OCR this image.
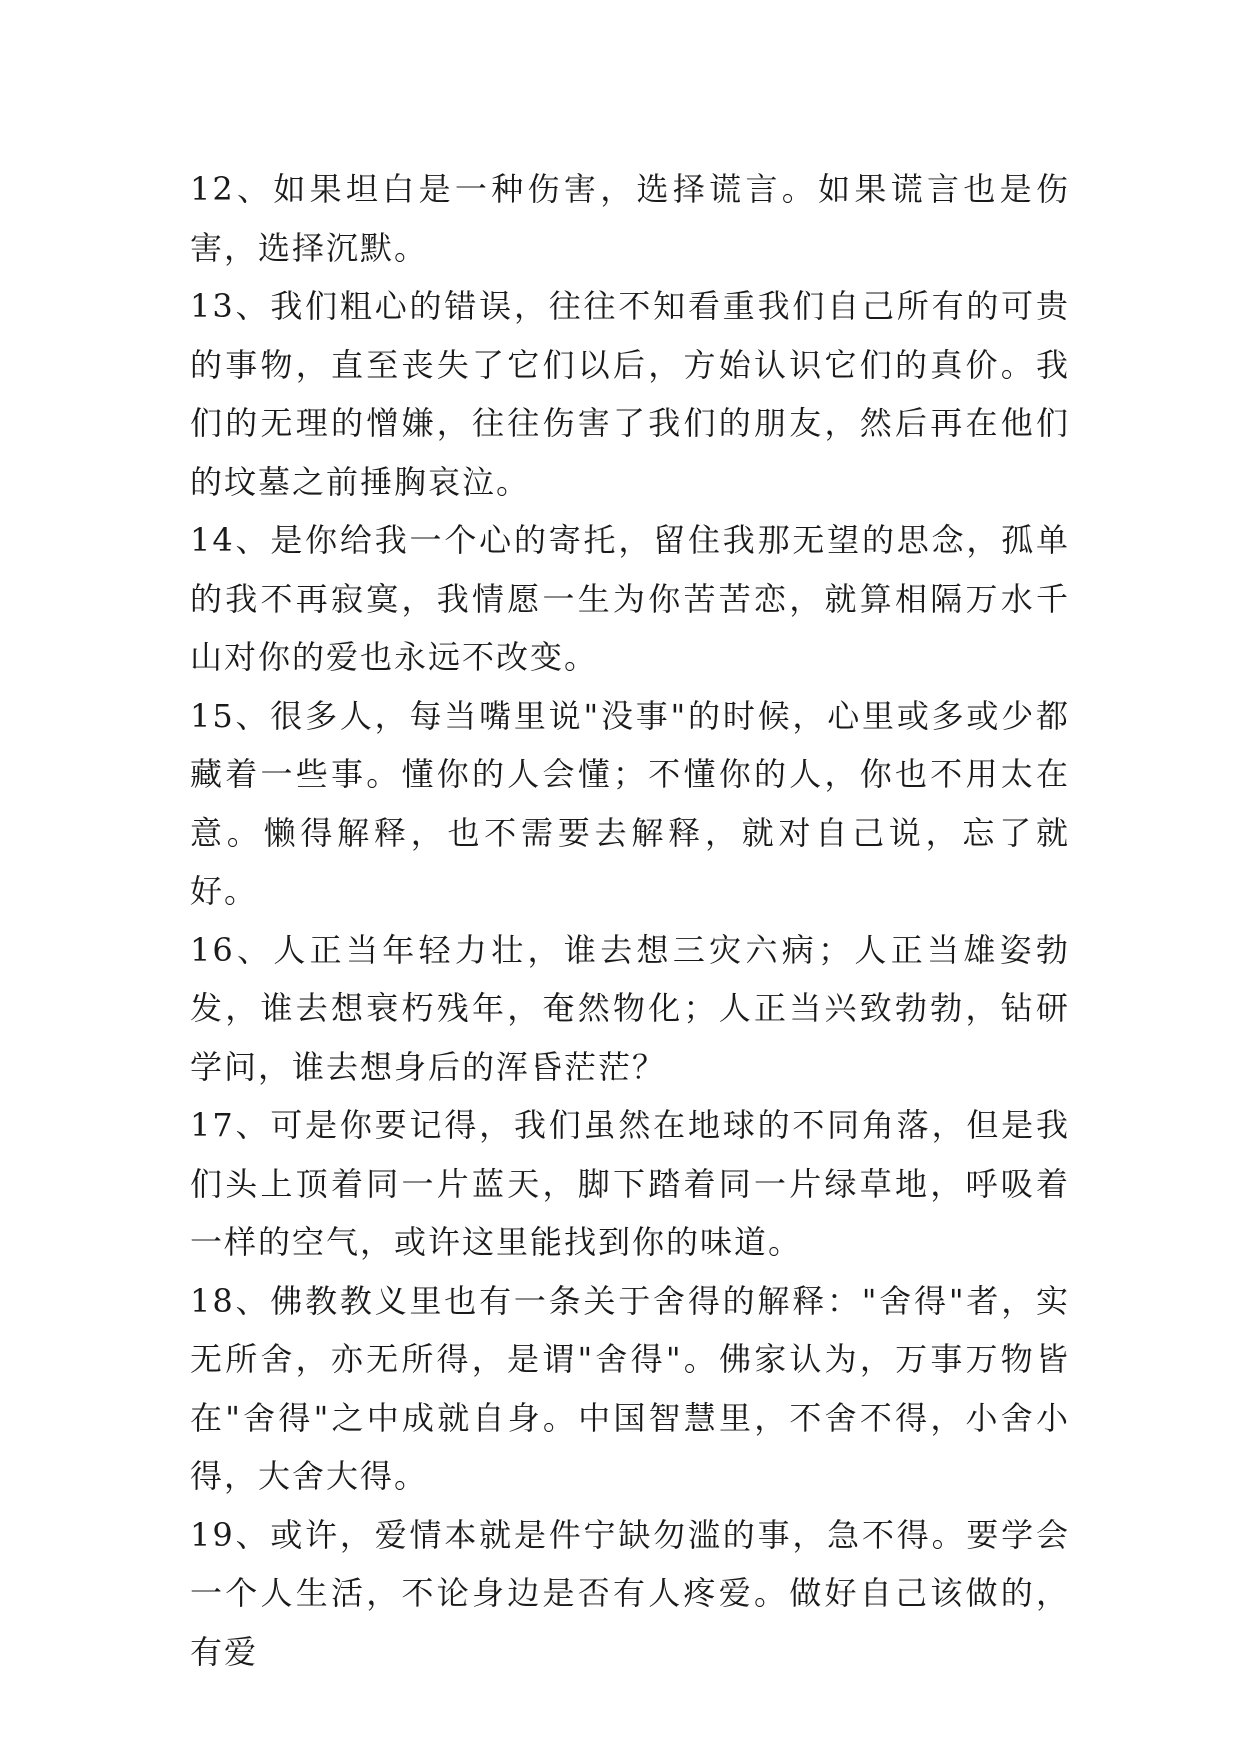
12、如果坦白是一种伤害，选择谎言。如果谎言也是伤害，选择沉默。

13、我们粗心的错误，往往不知看重我们自己所有的可贵的事物，直至丧失了它们以后，方始认识它们的真价。我们的无理的憎嫌，往往伤害了我们的朋友，然后再在他们的坟墓之前捶胸哀泣。

14、是你给我一个心的寄托，留住我那无望的思念，孤单的我不再寂寞，我情愿一生为你苦苦恋，就算相隔万水千山对你的爱也永远不改变。

15、很多人，每当嘴里说"没事"的时候，心里或多或少都藏着一些事。懂你的人会懂；不懂你的人，你也不用太在意。懒得解释，也不需要去解释，就对自己说，忘了就好。

16、人正当年轻力壮，谁去想三灾六病；人正当雄姿勃发，谁去想衰朽残年，奄然物化；人正当兴致勃勃，钻研学问，谁去想身后的浑昏茫茫？

17、可是你要记得，我们虽然在地球的不同角落，但是我们头上顶着同一片蓝天，脚下踏着同一片绿草地，呼吸着一样的空气，或许这里能找到你的味道。

18、佛教教义里也有一条关于舍得的解释："舍得"者，实无所舍，亦无所得，是谓"舍得"。佛家认为，万事万物皆在"舍得"之中成就自身。中国智慧里，不舍不得，小舍小得，大舍大得。

19、或许，爱情本就是件宁缺勿滥的事，急不得。要学会一个人生活，不论身边是否有人疼爱。做好自己该做的，有爱
